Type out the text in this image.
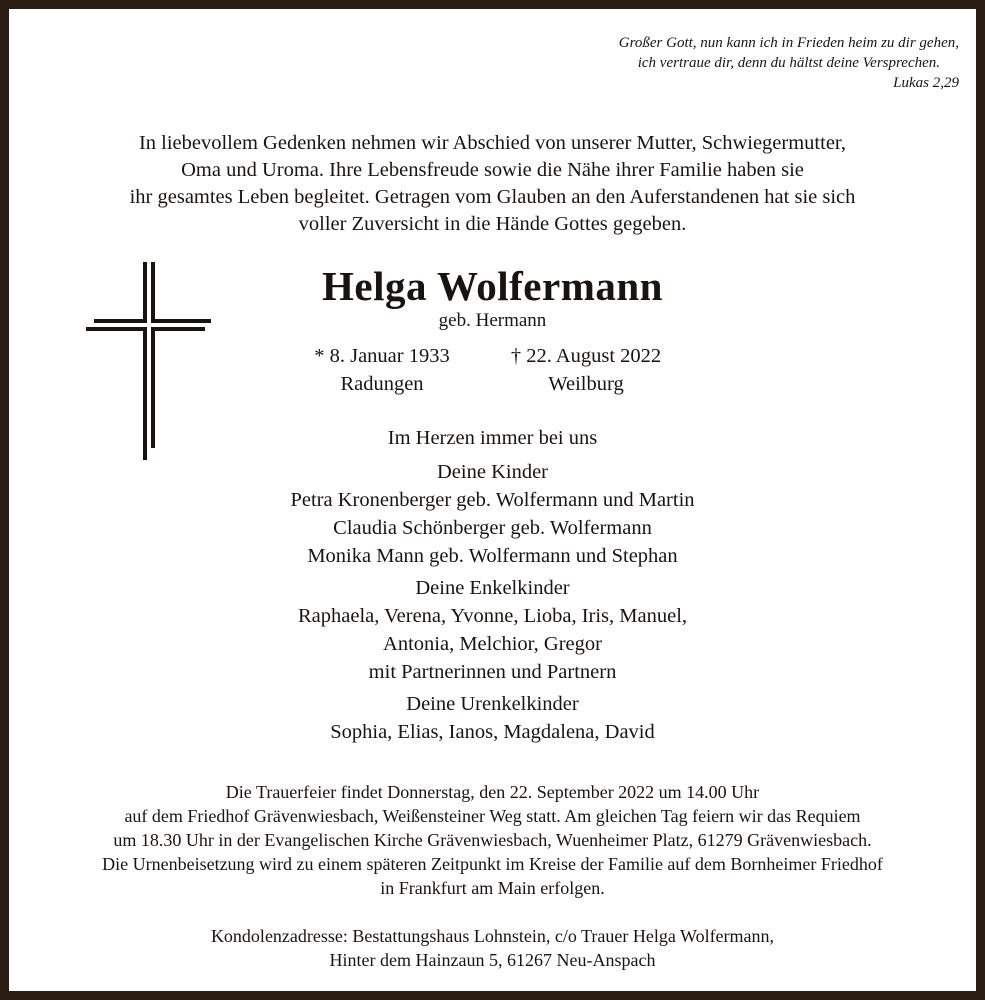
Großer Gott, nun kann ich in Frieden heim zu dir gehen,
ich vertraue dir, denn du hältst deine Versprechen.
Lukas 2,29
In liebevollem Gedenken nehmen wir Abschied von unserer Mutter, Schwiegermutter,
Oma und Uroma. Ihre Lebensfreude sowie die Nähe ihrer Familie haben sie
ihr gesamtes Leben begleitet. Getragen vom Glauben an den Auferstandenen hat sie sich
voller Zuversicht in die Hände Gottes gegeben.
Helga Wolfermann
geb. Hermann
* 8. Januar 1933
Radungen
† 22. August 2022
Weilburg
Im Herzen immer bei uns
Deine Kinder
Petra Kronenberger geb. Wolfermann und Martin
Claudia Schönberger geb. Wolfermann
Monika Mann geb. Wolfermann und Stephan
Deine Enkelkinder
Raphaela, Verena, Yvonne, Lioba, Iris, Manuel,
Antonia, Melchior, Gregor
mit Partnerinnen und Partnern
Deine Urenkelkinder
Sophia, Elias, Ianos, Magdalena, David
Die Trauerfeier findet Donnerstag, den 22. September 2022 um 14.00 Uhr
auf dem Friedhof Grävenwiesbach, Weißensteiner Weg statt. Am gleichen Tag feiern wir das Requiem
um 18.30 Uhr in der Evangelischen Kirche Grävenwiesbach, Wuenheimer Platz, 61279 Grävenwiesbach.
Die Urnenbeisetzung wird zu einem späteren Zeitpunkt im Kreise der Familie auf dem Bornheimer Friedhof
in Frankfurt am Main erfolgen.
Kondolenzadresse: Bestattungshaus Lohnstein, c/o Trauer Helga Wolfermann,
Hinter dem Hainzaun 5, 61267 Neu-Anspach
